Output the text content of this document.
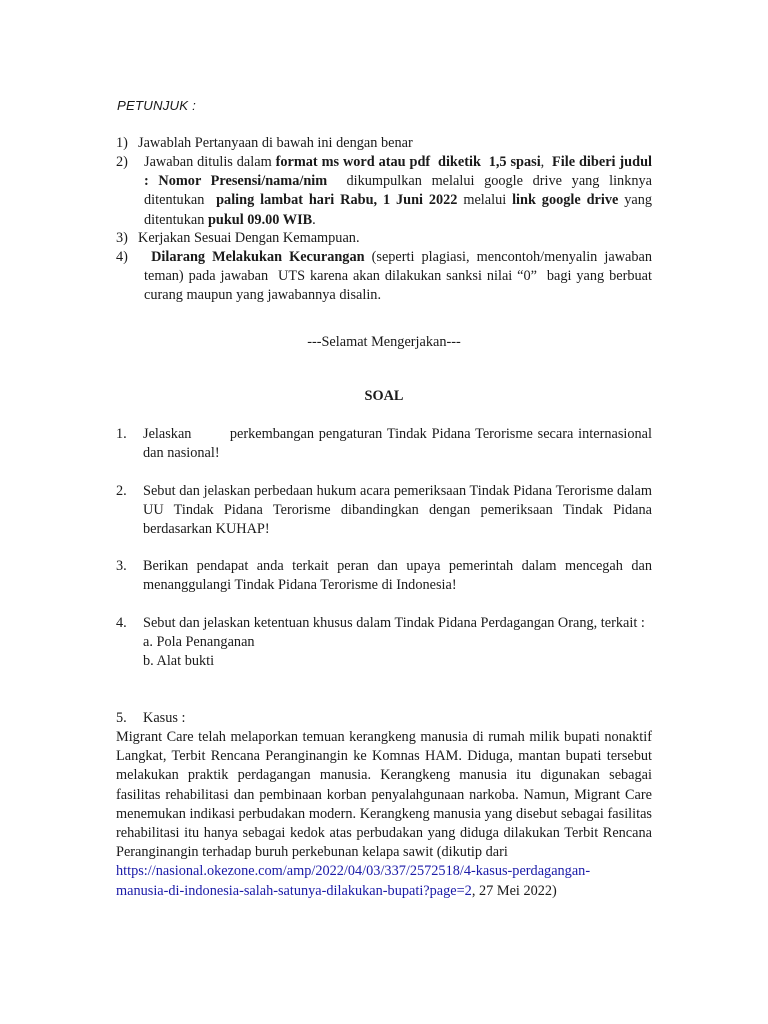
PETUNJUK :
1) Jawablah Pertanyaan di bawah ini dengan benar
2) Jawaban ditulis dalam format ms word atau pdf  diketik  1,5 spasi,  File diberi judul : Nomor Presensi/nama/nim  dikumpulkan melalui google drive yang linknya ditentukan  paling lambat hari Rabu, 1 Juni 2022 melalui link google drive yang ditentukan pukul 09.00 WIB.
3) Kerjakan Sesuai Dengan Kemampuan.
4)	Dilarang Melakukan Kecurangan (seperti plagiasi, mencontoh/menyalin jawaban teman) pada jawaban  UTS karena akan dilakukan sanksi nilai “0”  bagi yang berbuat curang maupun yang jawabannya disalin.
---Selamat Mengerjakan---
SOAL
1. Jelaskan        perkembangan pengaturan Tindak Pidana Terorisme secara internasional dan nasional!
2. Sebut dan jelaskan perbedaan hukum acara pemeriksaan Tindak Pidana Terorisme dalam UU Tindak Pidana Terorisme dibandingkan dengan pemeriksaan Tindak Pidana berdasarkan KUHAP!
3. Berikan pendapat anda terkait peran dan upaya pemerintah dalam mencegah dan menanggulangi Tindak Pidana Terorisme di Indonesia!
4. Sebut dan jelaskan ketentuan khusus dalam Tindak Pidana Perdagangan Orang, terkait :
a. Pola Penanganan
b. Alat bukti
5. Kasus :
Migrant Care telah melaporkan temuan kerangkeng manusia di rumah milik bupati nonaktif Langkat, Terbit Rencana Peranginangin ke Komnas HAM. Diduga, mantan bupati tersebut melakukan praktik perdagangan manusia. Kerangkeng manusia itu digunakan sebagai fasilitas rehabilitasi dan pembinaan korban penyalahgunaan narkoba. Namun, Migrant Care menemukan indikasi perbudakan modern. Kerangkeng manusia yang disebut sebagai fasilitas rehabilitasi itu hanya sebagai kedok atas perbudakan yang diduga dilakukan Terbit Rencana Peranginangin terhadap buruh perkebunan kelapa sawit (dikutip dari
https://nasional.okezone.com/amp/2022/04/03/337/2572518/4-kasus-perdagangan-
manusia-di-indonesia-salah-satunya-dilakukan-bupati?page=2, 27 Mei 2022)
